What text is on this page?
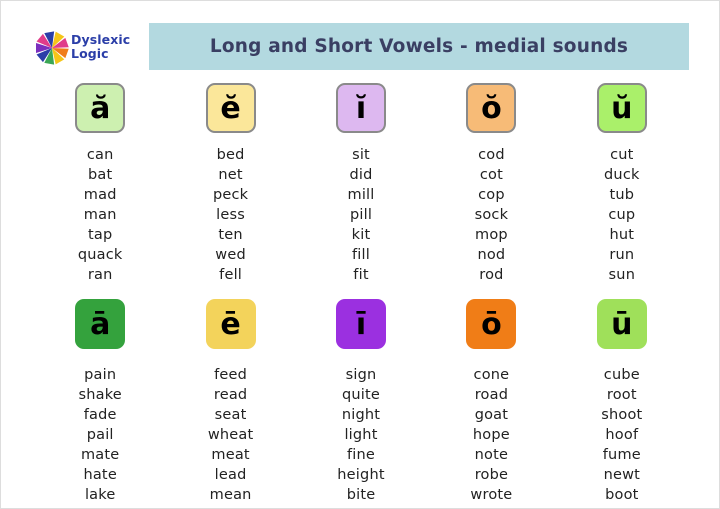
Dyslexic
Logic	Long and Short Vowels - medial sounds
ă
can
bat
mad
man
tap
quack
ran
ĕ
bed
net
peck
less
ten
wed
fell
ĭ
sit
did
mill
pill
kit
fill
fit
ŏ
cod
cot
cop
sock
mop
nod
rod
ŭ
cut
duck
tub
cup
hut
run
sun
ā
pain
shake
fade
pail
mate
hate
lake
ē
feed
read
seat
wheat
meat
lead
mean
ī
sign
quite
night
light
fine
height
bite
ō
cone
road
goat
hope
note
robe
wrote
ū
cube
root
shoot
hoof
fume
newt
boot
